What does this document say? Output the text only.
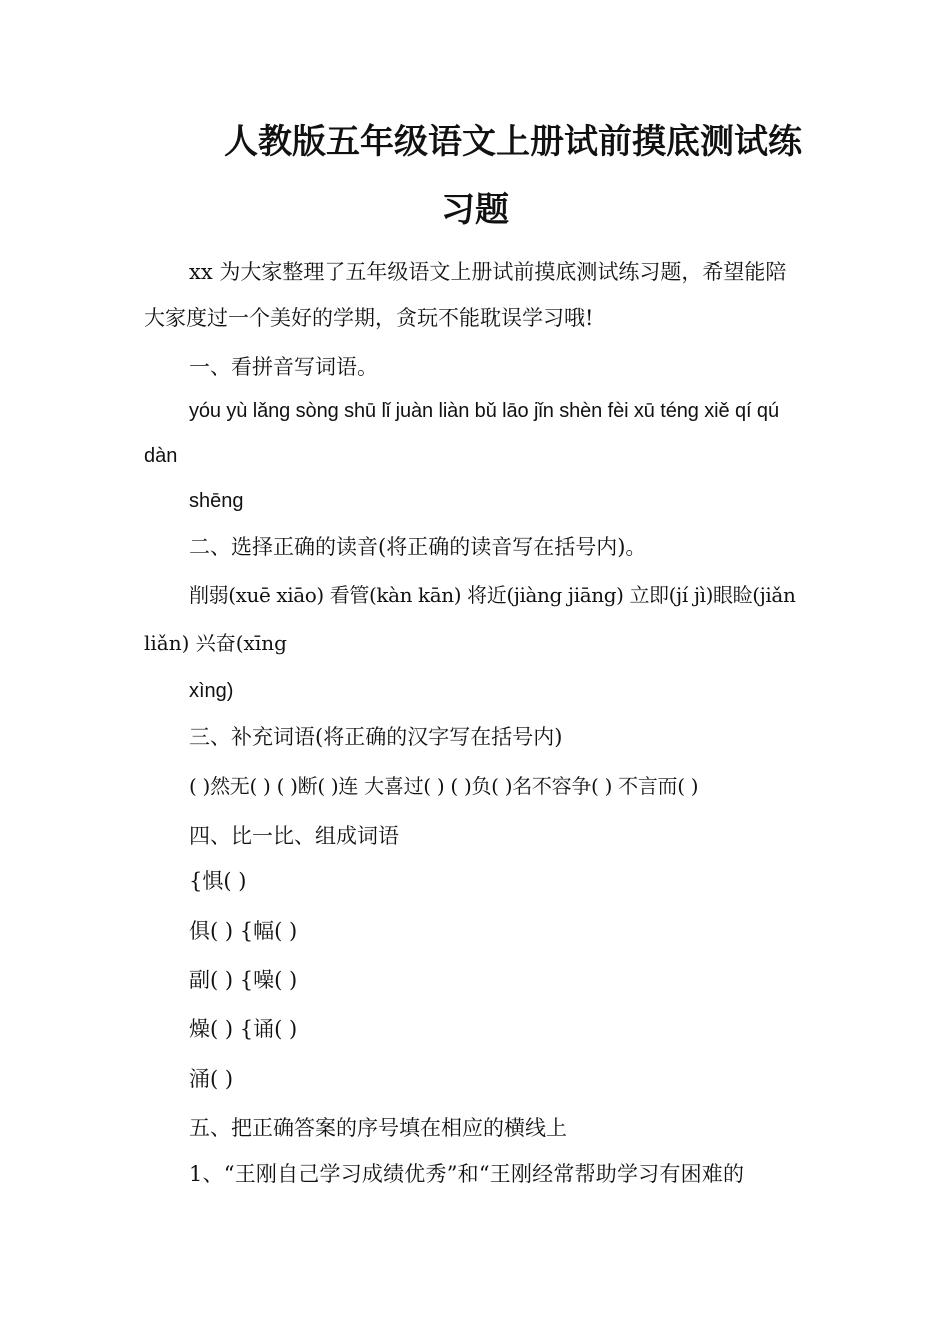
人教版五年级语文上册试前摸底测试练
习题
xx 为大家整理了五年级语文上册试前摸底测试练习题，希望能陪
大家度过一个美好的学期，贪玩不能耽误学习哦!
一、看拼音写词语。
yóu yù lǎng sòng shū lǐ juàn liàn bǔ lāo jǐn shèn fèi xū téng xiě qí qú
dàn
shēng
二、选择正确的读音(将正确的读音写在括号内)。
削弱(xuē xiāo) 看管(kàn kān) 将近(jiàng jiāng) 立即(jí jì)眼睑(jiǎn
liǎn) 兴奋(xīng
xìng)
三、补充词语(将正确的汉字写在括号内)
( )然无( ) ( )断( )连 大喜过( ) ( )负( )名不容争( ) 不言而( )
四、比一比、组成词语
{惧( )
俱( ) {幅( )
副( ) {噪( )
燥( ) {诵( )
涌( )
五、把正确答案的序号填在相应的横线上
1、“王刚自己学习成绩优秀”和“王刚经常帮助学习有困难的
